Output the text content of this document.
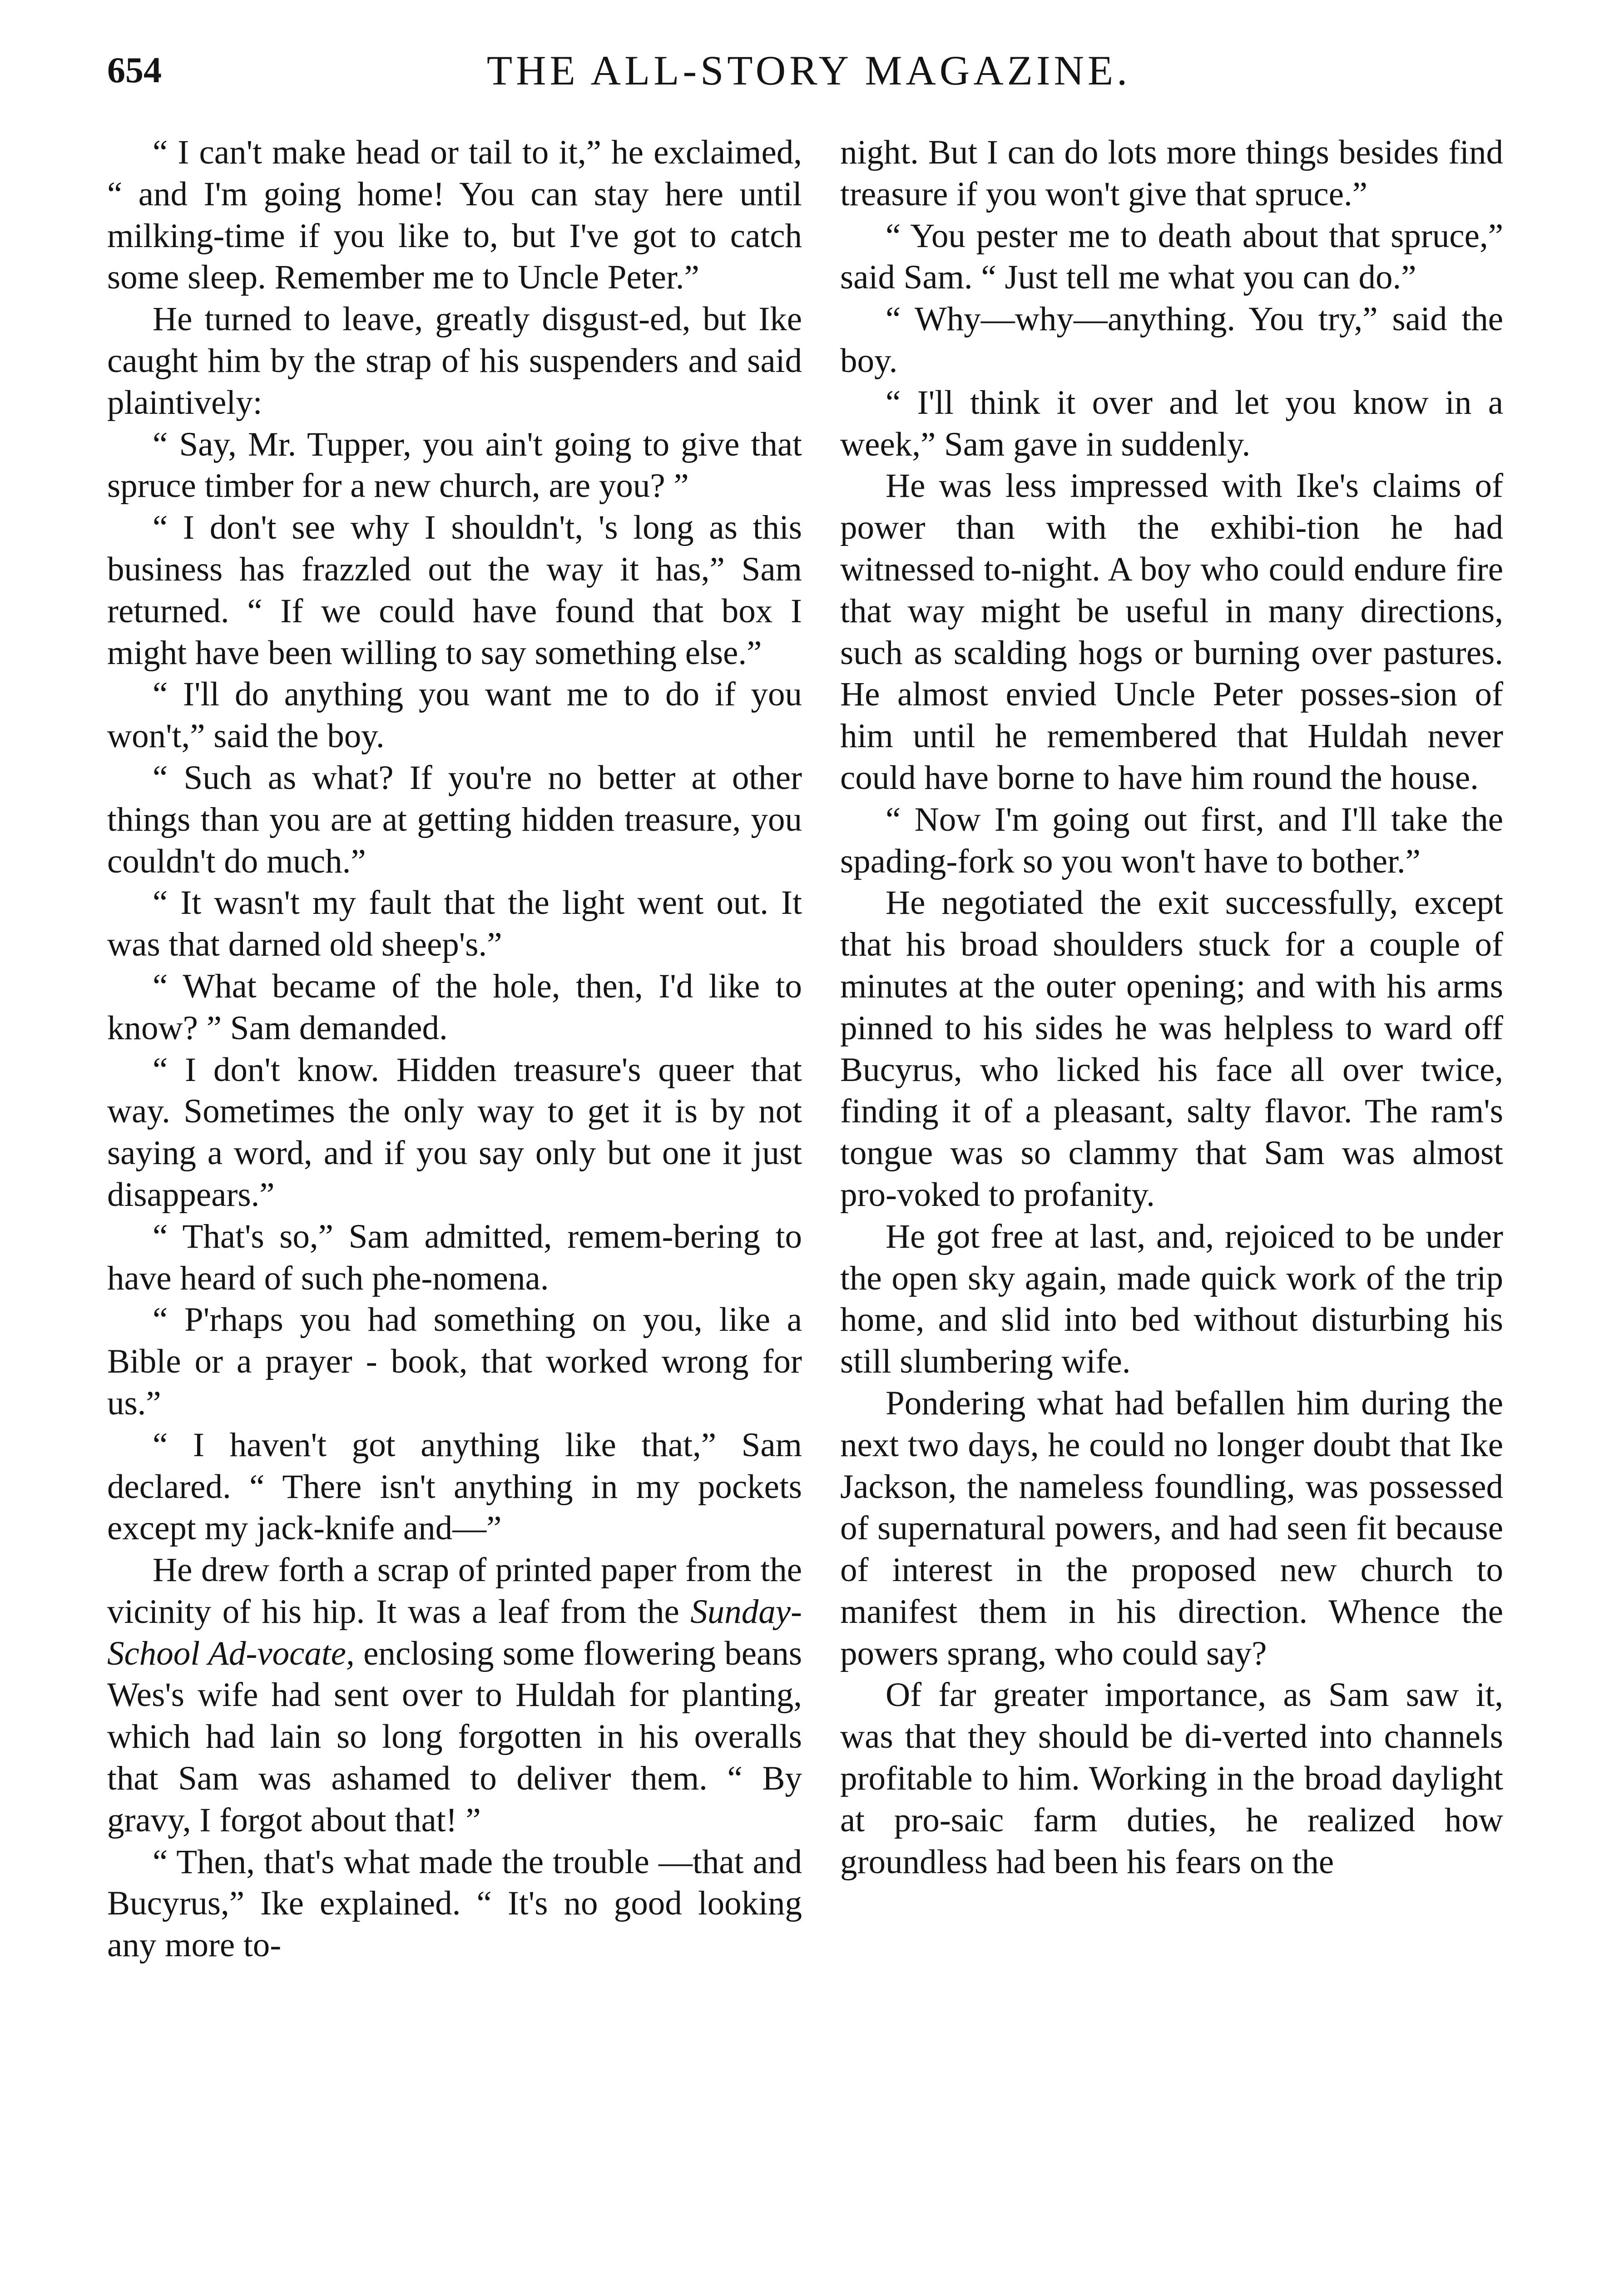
654	THE ALL-STORY MAGAZINE.

“ I can't make head or tail to it,” he exclaimed, “ and I'm going home! You can stay here until milking-time if you like to, but I've got to catch some sleep. Remember me to Uncle Peter.”

He turned to leave, greatly disgust-ed, but Ike caught him by the strap of his suspenders and said plaintively:

“ Say, Mr. Tupper, you ain't going to give that spruce timber for a new church, are you? ”

“ I don't see why I shouldn't, 's long as this business has frazzled out the way it has,” Sam returned. “ If we could have found that box I might have been willing to say something else.”

“ I'll do anything you want me to do if you won't,” said the boy.

“ Such as what? If you're no better at other things than you are at getting hidden treasure, you couldn't do much.”

“ It wasn't my fault that the light went out. It was that darned old sheep's.”

“ What became of the hole, then, I'd like to know? ” Sam demanded.

“ I don't know. Hidden treasure's queer that way. Sometimes the only way to get it is by not saying a word, and if you say only but one it just disappears.”

“ That's so,” Sam admitted, remem-bering to have heard of such phe-nomena.

“ P'rhaps you had something on you, like a Bible or a prayer - book, that worked wrong for us.”

“ I haven't got anything like that,” Sam declared. “ There isn't anything in my pockets except my jack-knife and—”

He drew forth a scrap of printed paper from the vicinity of his hip. It was a leaf from the Sunday-School Ad-vocate, enclosing some flowering beans Wes's wife had sent over to Huldah for planting, which had lain so long forgotten in his overalls that Sam was ashamed to deliver them. “ By gravy, I forgot about that! ”

“ Then, that's what made the trouble —that and Bucyrus,” Ike explained. “ It's no good looking any more to-

night. But I can do lots more things besides find treasure if you won't give that spruce.”

“ You pester me to death about that spruce,” said Sam. “ Just tell me what you can do.”

“ Why—why—anything. You try,” said the boy.

“ I'll think it over and let you know in a week,” Sam gave in suddenly.

He was less impressed with Ike's claims of power than with the exhibi-tion he had witnessed to-night. A boy who could endure fire that way might be useful in many directions, such as scalding hogs or burning over pastures. He almost envied Uncle Peter posses-sion of him until he remembered that Huldah never could have borne to have him round the house.

“ Now I'm going out first, and I'll take the spading-fork so you won't have to bother.”

He negotiated the exit successfully, except that his broad shoulders stuck for a couple of minutes at the outer opening; and with his arms pinned to his sides he was helpless to ward off Bucyrus, who licked his face all over twice, finding it of a pleasant, salty flavor. The ram's tongue was so clammy that Sam was almost pro-voked to profanity.

He got free at last, and, rejoiced to be under the open sky again, made quick work of the trip home, and slid into bed without disturbing his still slumbering wife.

Pondering what had befallen him during the next two days, he could no longer doubt that Ike Jackson, the nameless foundling, was possessed of supernatural powers, and had seen fit because of interest in the proposed new church to manifest them in his direction. Whence the powers sprang, who could say?

Of far greater importance, as Sam saw it, was that they should be di-verted into channels profitable to him. Working in the broad daylight at pro-saic farm duties, he realized how groundless had been his fears on the
